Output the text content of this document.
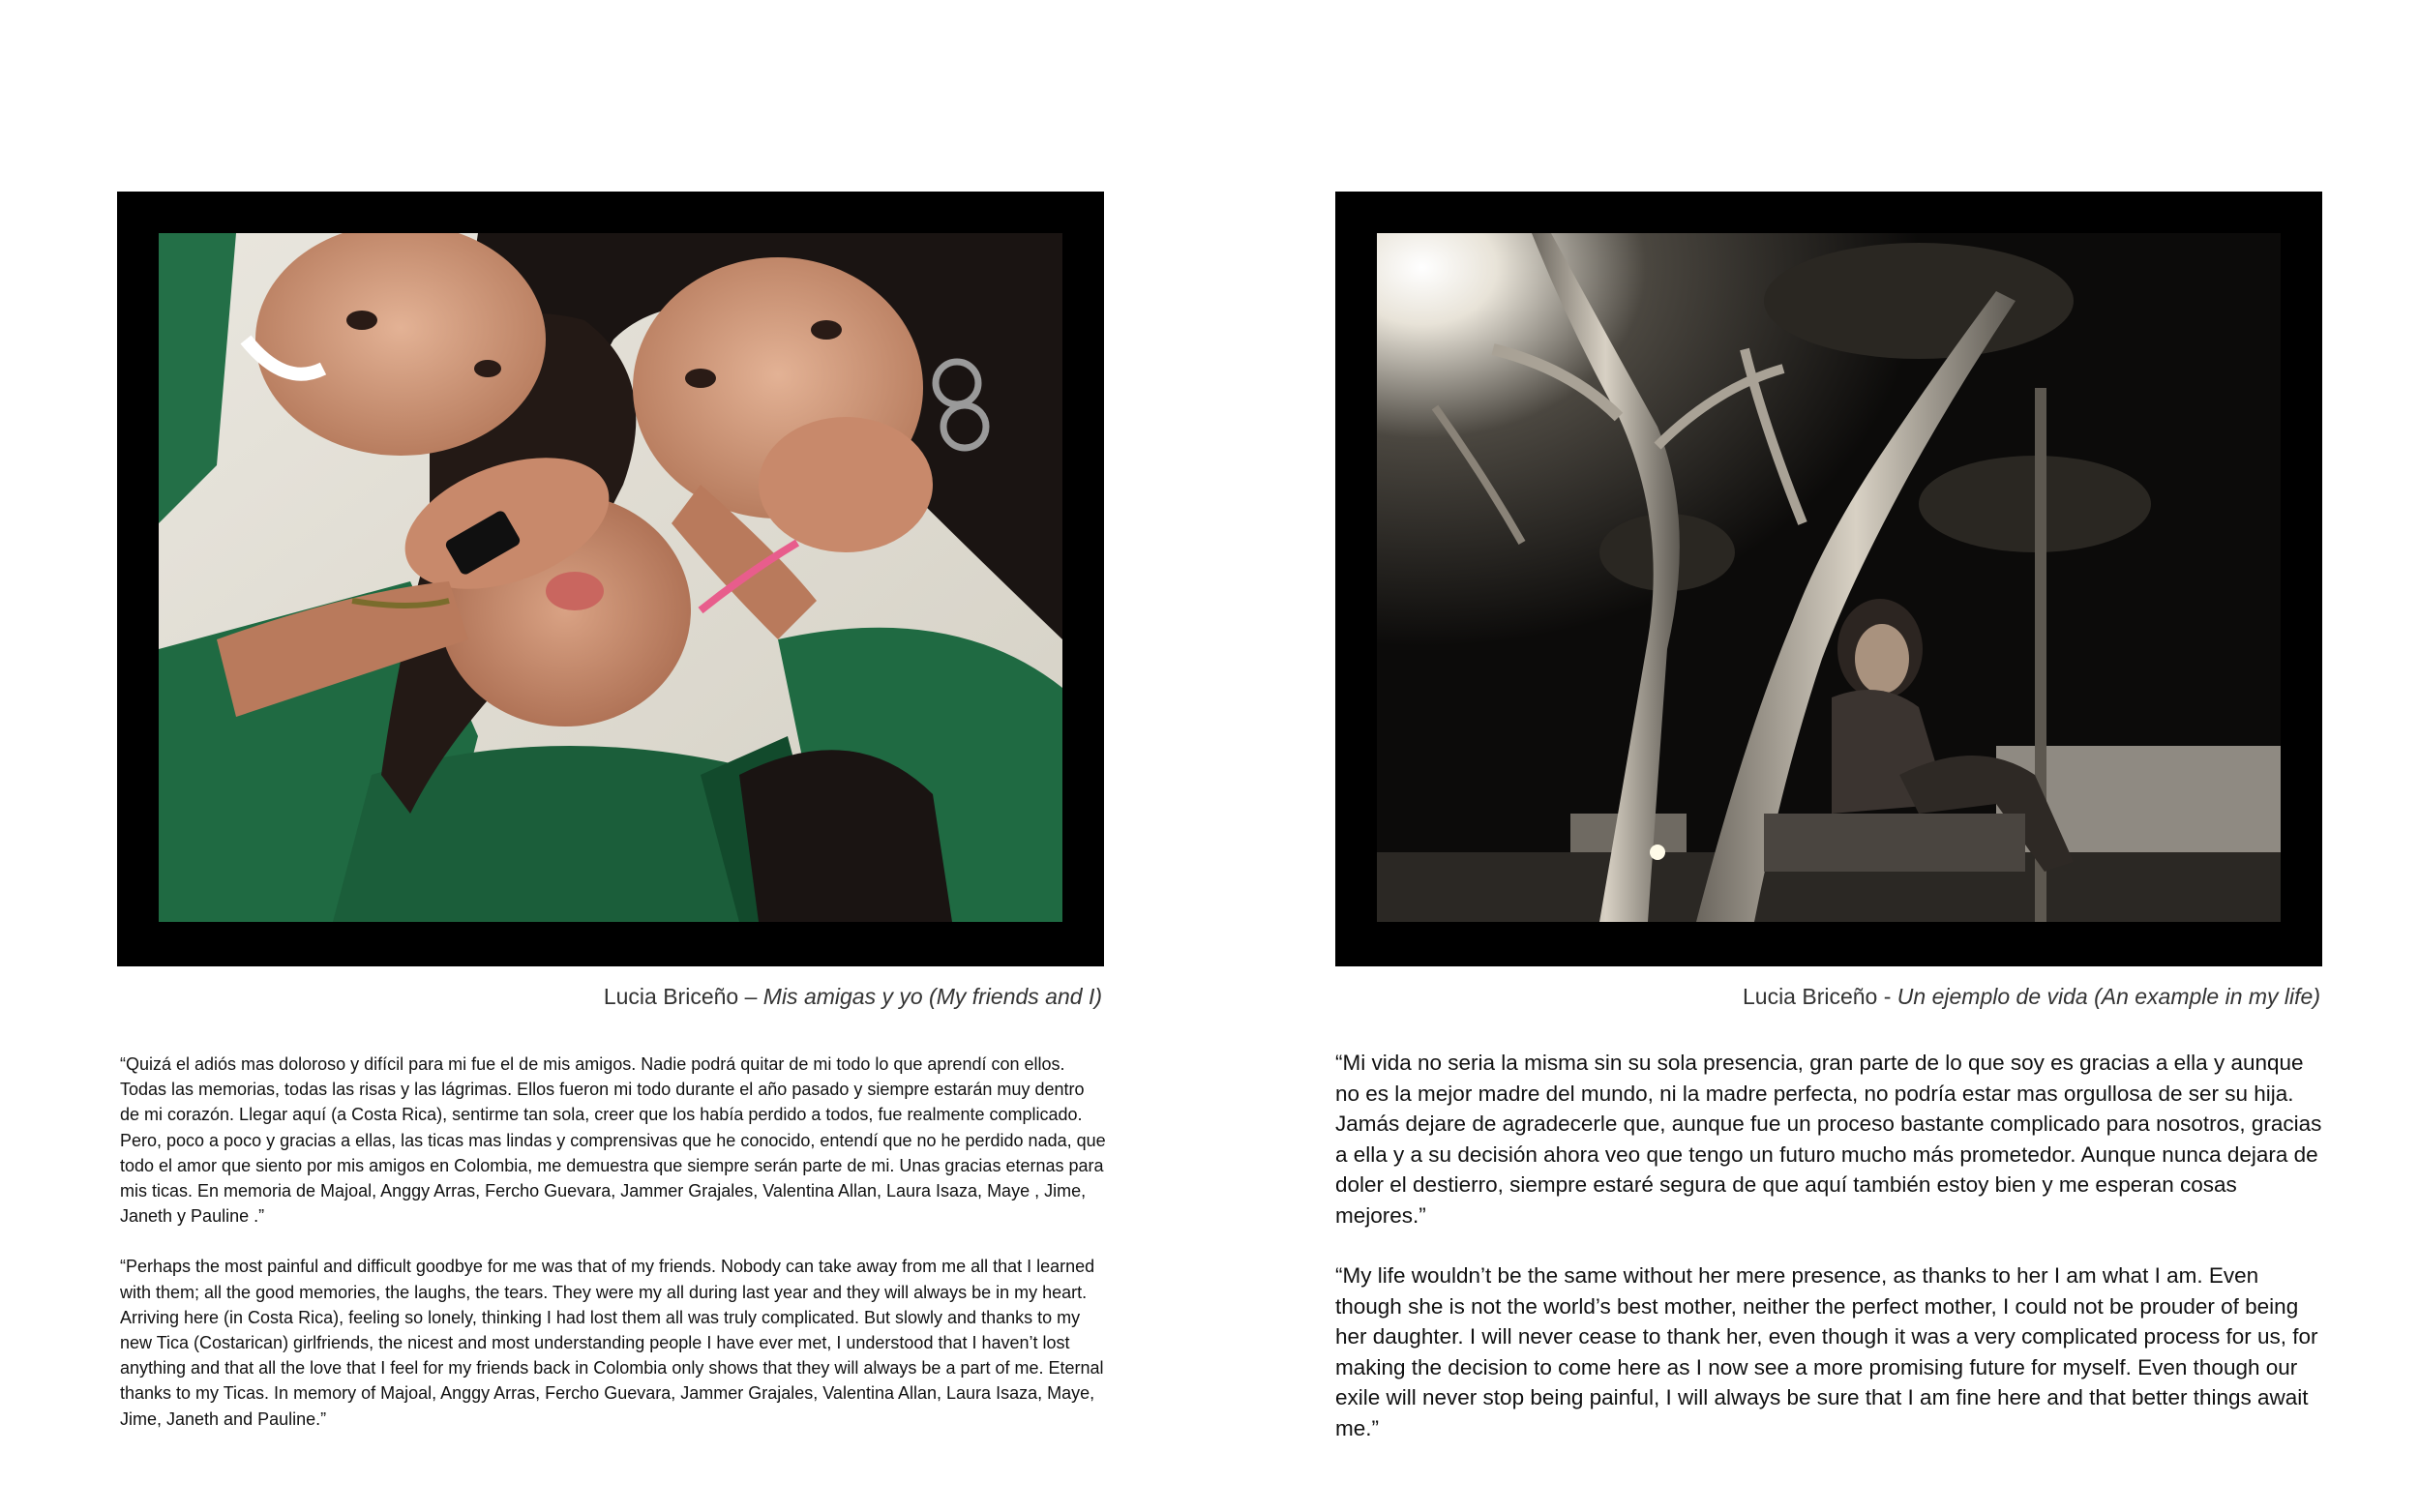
Lucia Briceño – Mis amigas y yo (My friends and I)

“Quizá el adiós mas doloroso y difícil para mi fue el de mis amigos. Nadie podrá quitar de mi todo lo que aprendí con ellos. Todas las memorias, todas las risas y las lágrimas. Ellos fueron mi todo durante el año pasado y siempre estarán muy dentro de mi corazón. Llegar aquí (a Costa Rica), sentirme tan sola, creer que los había perdido a todos, fue realmente complicado. Pero, poco a poco y gracias a ellas, las ticas mas lindas y comprensivas que he conocido, entendí que no he perdido nada, que todo el amor que siento por mis amigos en Colombia, me demuestra que siempre serán parte de mi. Unas gracias eternas para mis ticas. En memoria de Majoal, Anggy Arras, Fercho Guevara, Jammer Grajales, Valentina Allan, Laura Isaza, Maye , Jime, Janeth y Pauline .”

“Perhaps the most painful and difficult goodbye for me was that of my friends. Nobody can take away from me all that I learned with them; all the good memories, the laughs, the tears. They were my all during last year and they will always be in my heart. Arriving here (in Costa Rica), feeling so lonely, thinking I had lost them all was truly complicated. But slowly and thanks to my new Tica (Costarican) girlfriends, the nicest and most understanding people I have ever met, I understood that I haven’t lost anything and that all the love that I feel for my friends back in Colombia only shows that they will always be a part of me. Eternal thanks to my Ticas. In memory of Majoal, Anggy Arras, Fercho Guevara, Jammer Grajales, Valentina Allan, Laura Isaza, Maye, Jime, Janeth and Pauline.”

Lucia Briceño - Un ejemplo de vida (An example in my life)

“Mi vida no seria la misma sin su sola presencia, gran parte de lo que soy es gracias a ella y aunque no es la mejor madre del mundo, ni la madre perfecta, no podría estar mas orgullosa de ser su hija. Jamás dejare de agradecerle que, aunque fue un proceso bastante complicado para nosotros, gracias a ella y a su decisión ahora veo que tengo un futuro mucho más prometedor. Aunque nunca dejara de doler el destierro, siempre estaré segura de que aquí también estoy bien y me esperan cosas mejores.”

“My life wouldn’t be the same without her mere presence, as thanks to her I am what I am. Even though she is not the world’s best mother, neither the perfect mother, I could not be prouder of being her daughter. I will never cease to thank her, even though it was a very complicated process for us, for making the decision to come here as I now see a more promising future for myself. Even though our exile will never stop being painful, I will always be sure that I am fine here and that better things await me.”
